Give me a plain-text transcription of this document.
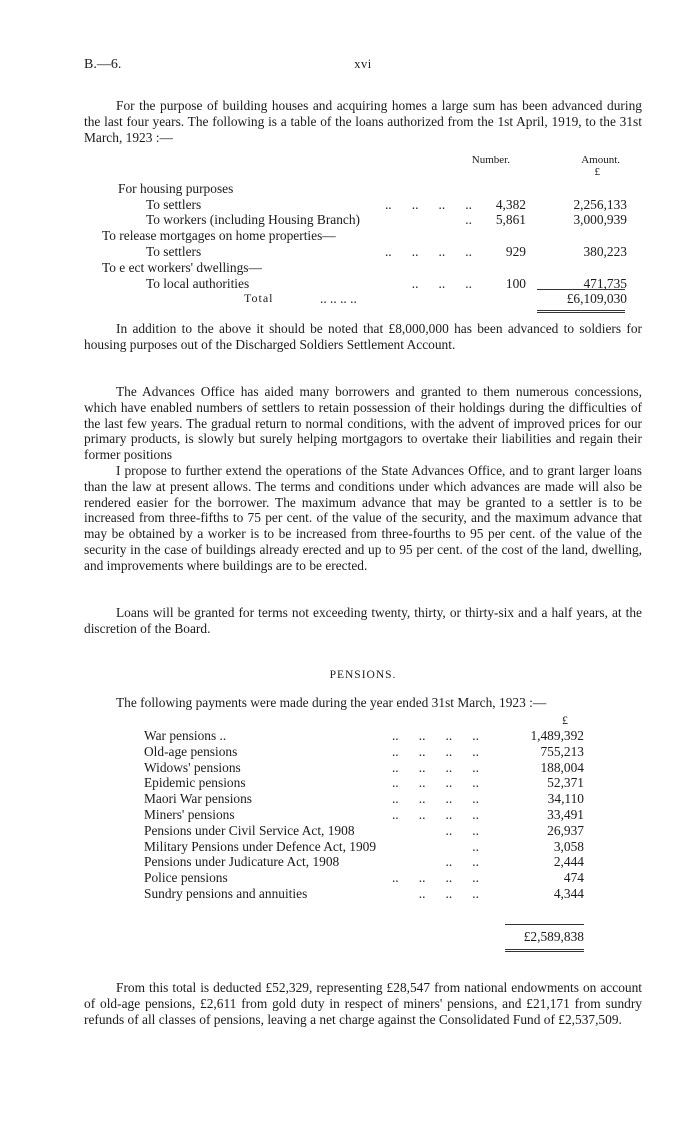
B.—6.	xvi

For the purpose of building houses and acquiring homes a large sum has been advanced during the last four years. The following is a table of the loans authorized from the 1st April, 1919, to the 31st March, 1923 :—

Number.	Amount.
£
For housing purposes
To settlers	..      ..      ..      .. 4,382	2,256,133
To workers (including Housing Branch)	.. 5,861	3,000,939
To release mortgages on home properties—
To settlers	..      ..      ..      ..	929	380,223
To e ect workers' dwellings—
To local authorities	..      ..      ..	100	471,735
Total	.. .. .. ..	£6,109,030

In addition to the above it should be noted that £8,000,000 has been advanced to soldiers for housing purposes out of the Discharged Soldiers Settlement Account.

The Advances Office has aided many borrowers and granted to them numerous concessions, which have enabled numbers of settlers to retain possession of their holdings during the difficulties of the last few years. The gradual return to normal conditions, with the advent of improved prices for our primary products, is slowly but surely helping mortgagors to overtake their liabilities and regain their former positions

I propose to further extend the operations of the State Advances Office, and to grant larger loans than the law at present allows. The terms and conditions under which advances are made will also be rendered easier for the borrower. The maximum advance that may be granted to a settler is to be increased from three-fifths to 75 per cent. of the value of the security, and the maximum advance that may be obtained by a worker is to be increased from three-fourths to 95 per cent. of the value of the security in the case of buildings already erected and up to 95 per cent. of the cost of the land, dwelling, and improvements where buildings are to be erected.

Loans will be granted for terms not exceeding twenty, thirty, or thirty-six and a half years, at the discretion of the Board.

PENSIONS.

The following payments were made during the year ended 31st March, 1923 :—

£
War pensions ..	..      ..      ..      ..	1,489,392
Old-age pensions	..      ..      ..      ..	755,213
Widows' pensions	..      ..      ..      ..	188,004
Epidemic pensions	..      ..      ..      ..	52,371
Maori War pensions	..      ..      ..      ..	34,110
Miners' pensions	..      ..      ..      ..	33,491
Pensions under Civil Service Act, 1908	..      ..	26,937
Military Pensions under Defence Act, 1909	..	3,058
Pensions under Judicature Act, 1908	..      ..	2,444
Police pensions	..      ..      ..      ..	474
Sundry pensions and annuities	..      ..      ..	4,344
£2,589,838

From this total is deducted £52,329, representing £28,547 from national endowments on account of old-age pensions, £2,611 from gold duty in respect of miners' pensions, and £21,171 from sundry refunds of all classes of pensions, leaving a net charge against the Consolidated Fund of £2,537,509.
